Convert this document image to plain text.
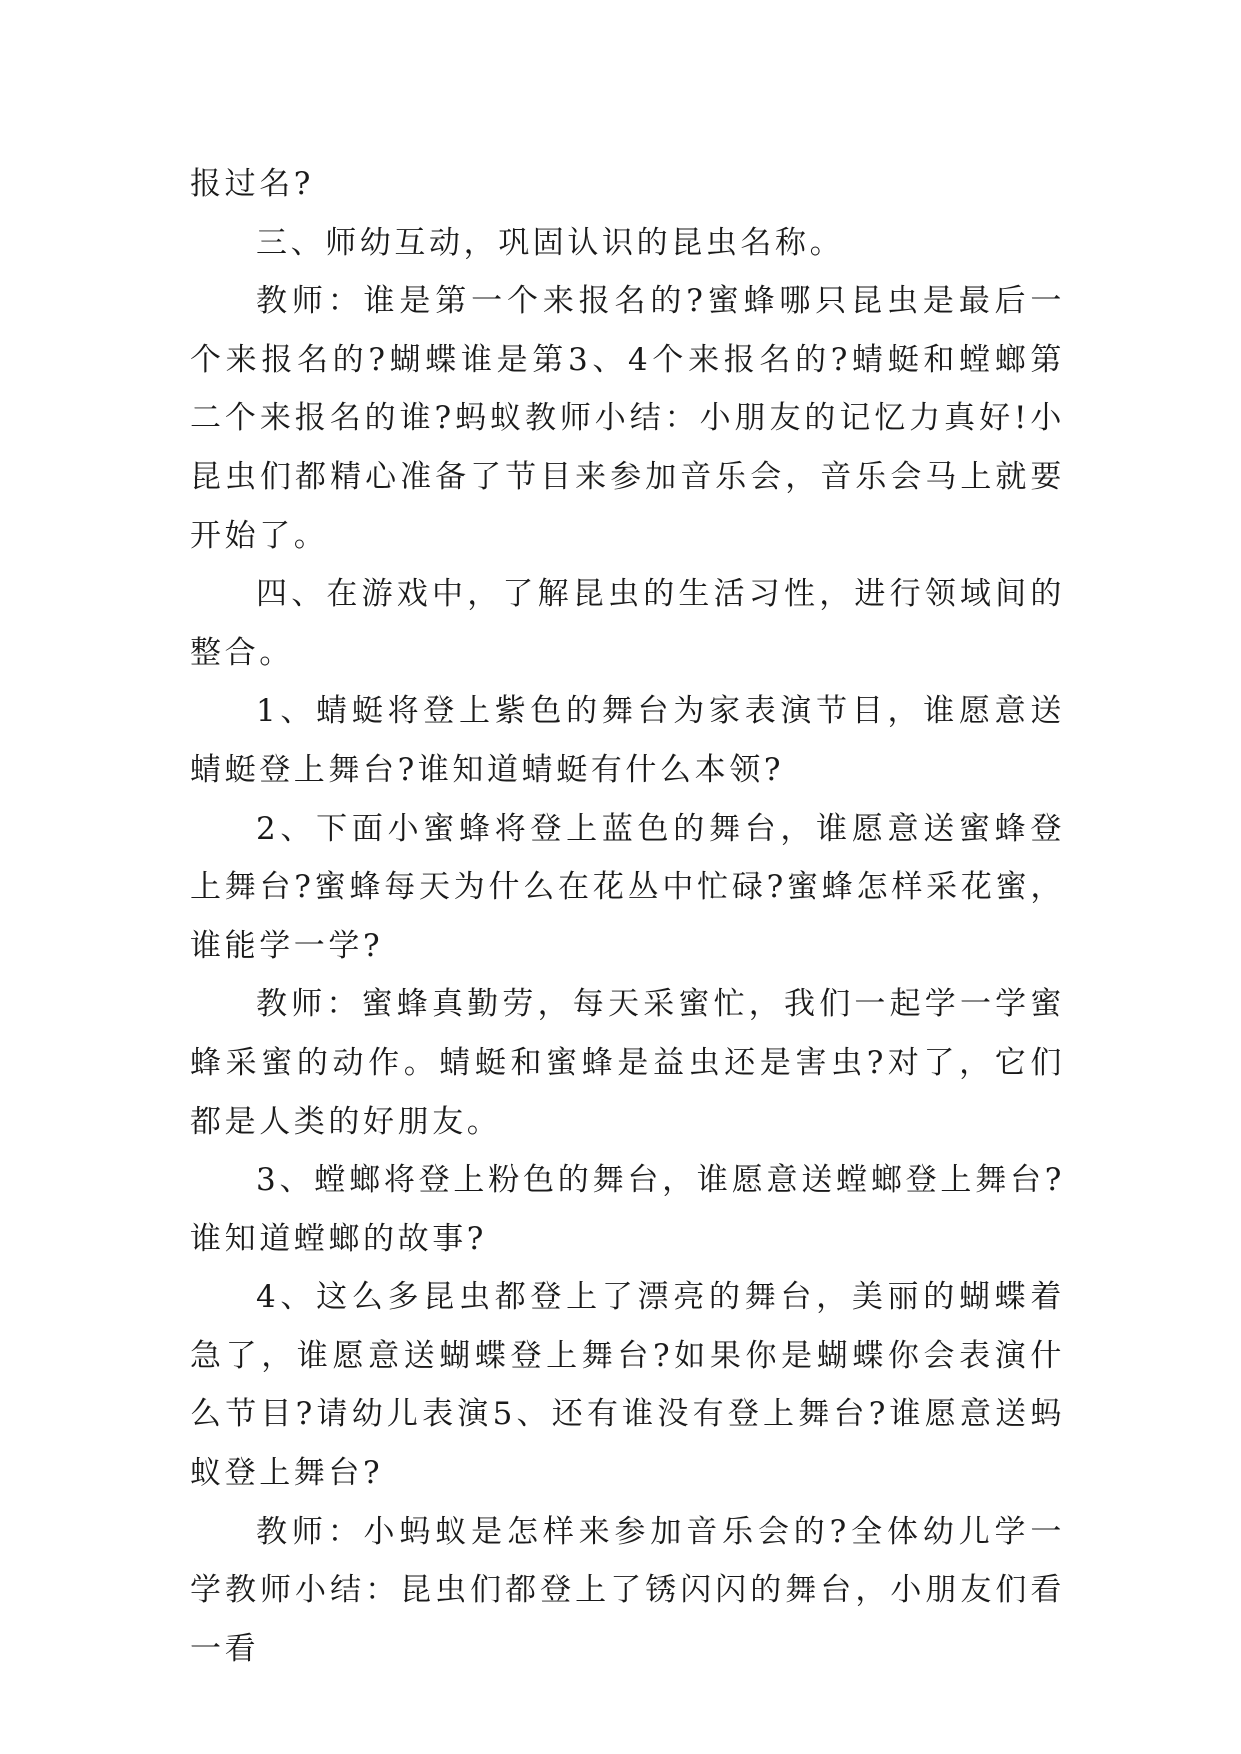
报过名?

三、师幼互动，巩固认识的昆虫名称。

教师：谁是第一个来报名的?蜜蜂哪只昆虫是最后一个来报名的?蝴蝶谁是第3、4个来报名的?蜻蜓和螳螂第二个来报名的谁?蚂蚁教师小结：小朋友的记忆力真好!小昆虫们都精心准备了节目来参加音乐会，音乐会马上就要开始了。

四、在游戏中，了解昆虫的生活习性，进行领域间的整合。

1、蜻蜓将登上紫色的舞台为家表演节目，谁愿意送蜻蜓登上舞台?谁知道蜻蜓有什么本领?

2、下面小蜜蜂将登上蓝色的舞台，谁愿意送蜜蜂登上舞台?蜜蜂每天为什么在花丛中忙碌?蜜蜂怎样采花蜜，谁能学一学?

教师：蜜蜂真勤劳，每天采蜜忙，我们一起学一学蜜蜂采蜜的动作。蜻蜓和蜜蜂是益虫还是害虫?对了，它们都是人类的好朋友。

3、螳螂将登上粉色的舞台，谁愿意送螳螂登上舞台?谁知道螳螂的故事?

4、这么多昆虫都登上了漂亮的舞台，美丽的蝴蝶着急了，谁愿意送蝴蝶登上舞台?如果你是蝴蝶你会表演什么节目?请幼儿表演5、还有谁没有登上舞台?谁愿意送蚂蚁登上舞台?

教师：小蚂蚁是怎样来参加音乐会的?全体幼儿学一学教师小结：昆虫们都登上了锈闪闪的舞台，小朋友们看一看
